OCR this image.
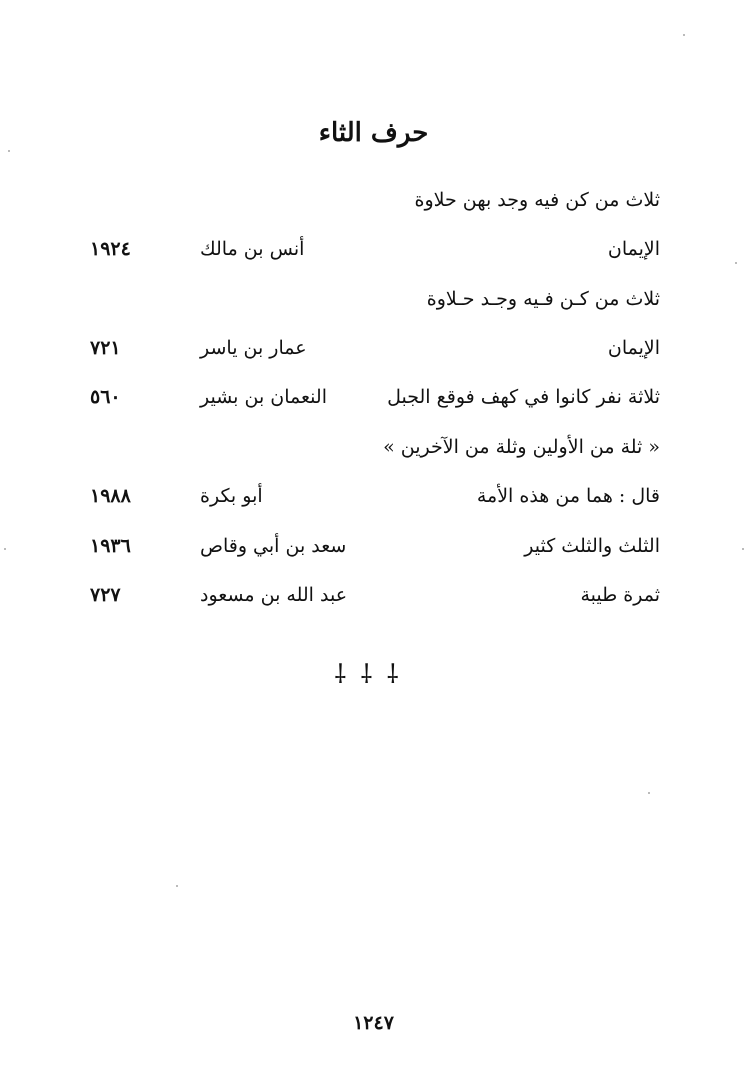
حرف الثاء
ثلاث من كن فيه وجد بهن حلاوة
الإيمان
أنس بن مالك
١٩٢٤
ثلاث من كـن فـيه وجـد حـلاوة
الإيمان
عمار بن ياسر
٧٢١
ثلاثة نفر كانوا في كهف فوقع الجبل
النعمان بن بشير
٥٦٠
« ثلة من الأولين وثلة من الآخرين »
قال : هما من هذه الأمة
أبو بكرة
١٩٨٨
الثلث والثلث كثير
سعد بن أبي وقاص
١٩٣٦
ثمرة طيبة
عبد الله بن مسعود
٧٢٧
⸸⸸⸸
١٢٤٧
